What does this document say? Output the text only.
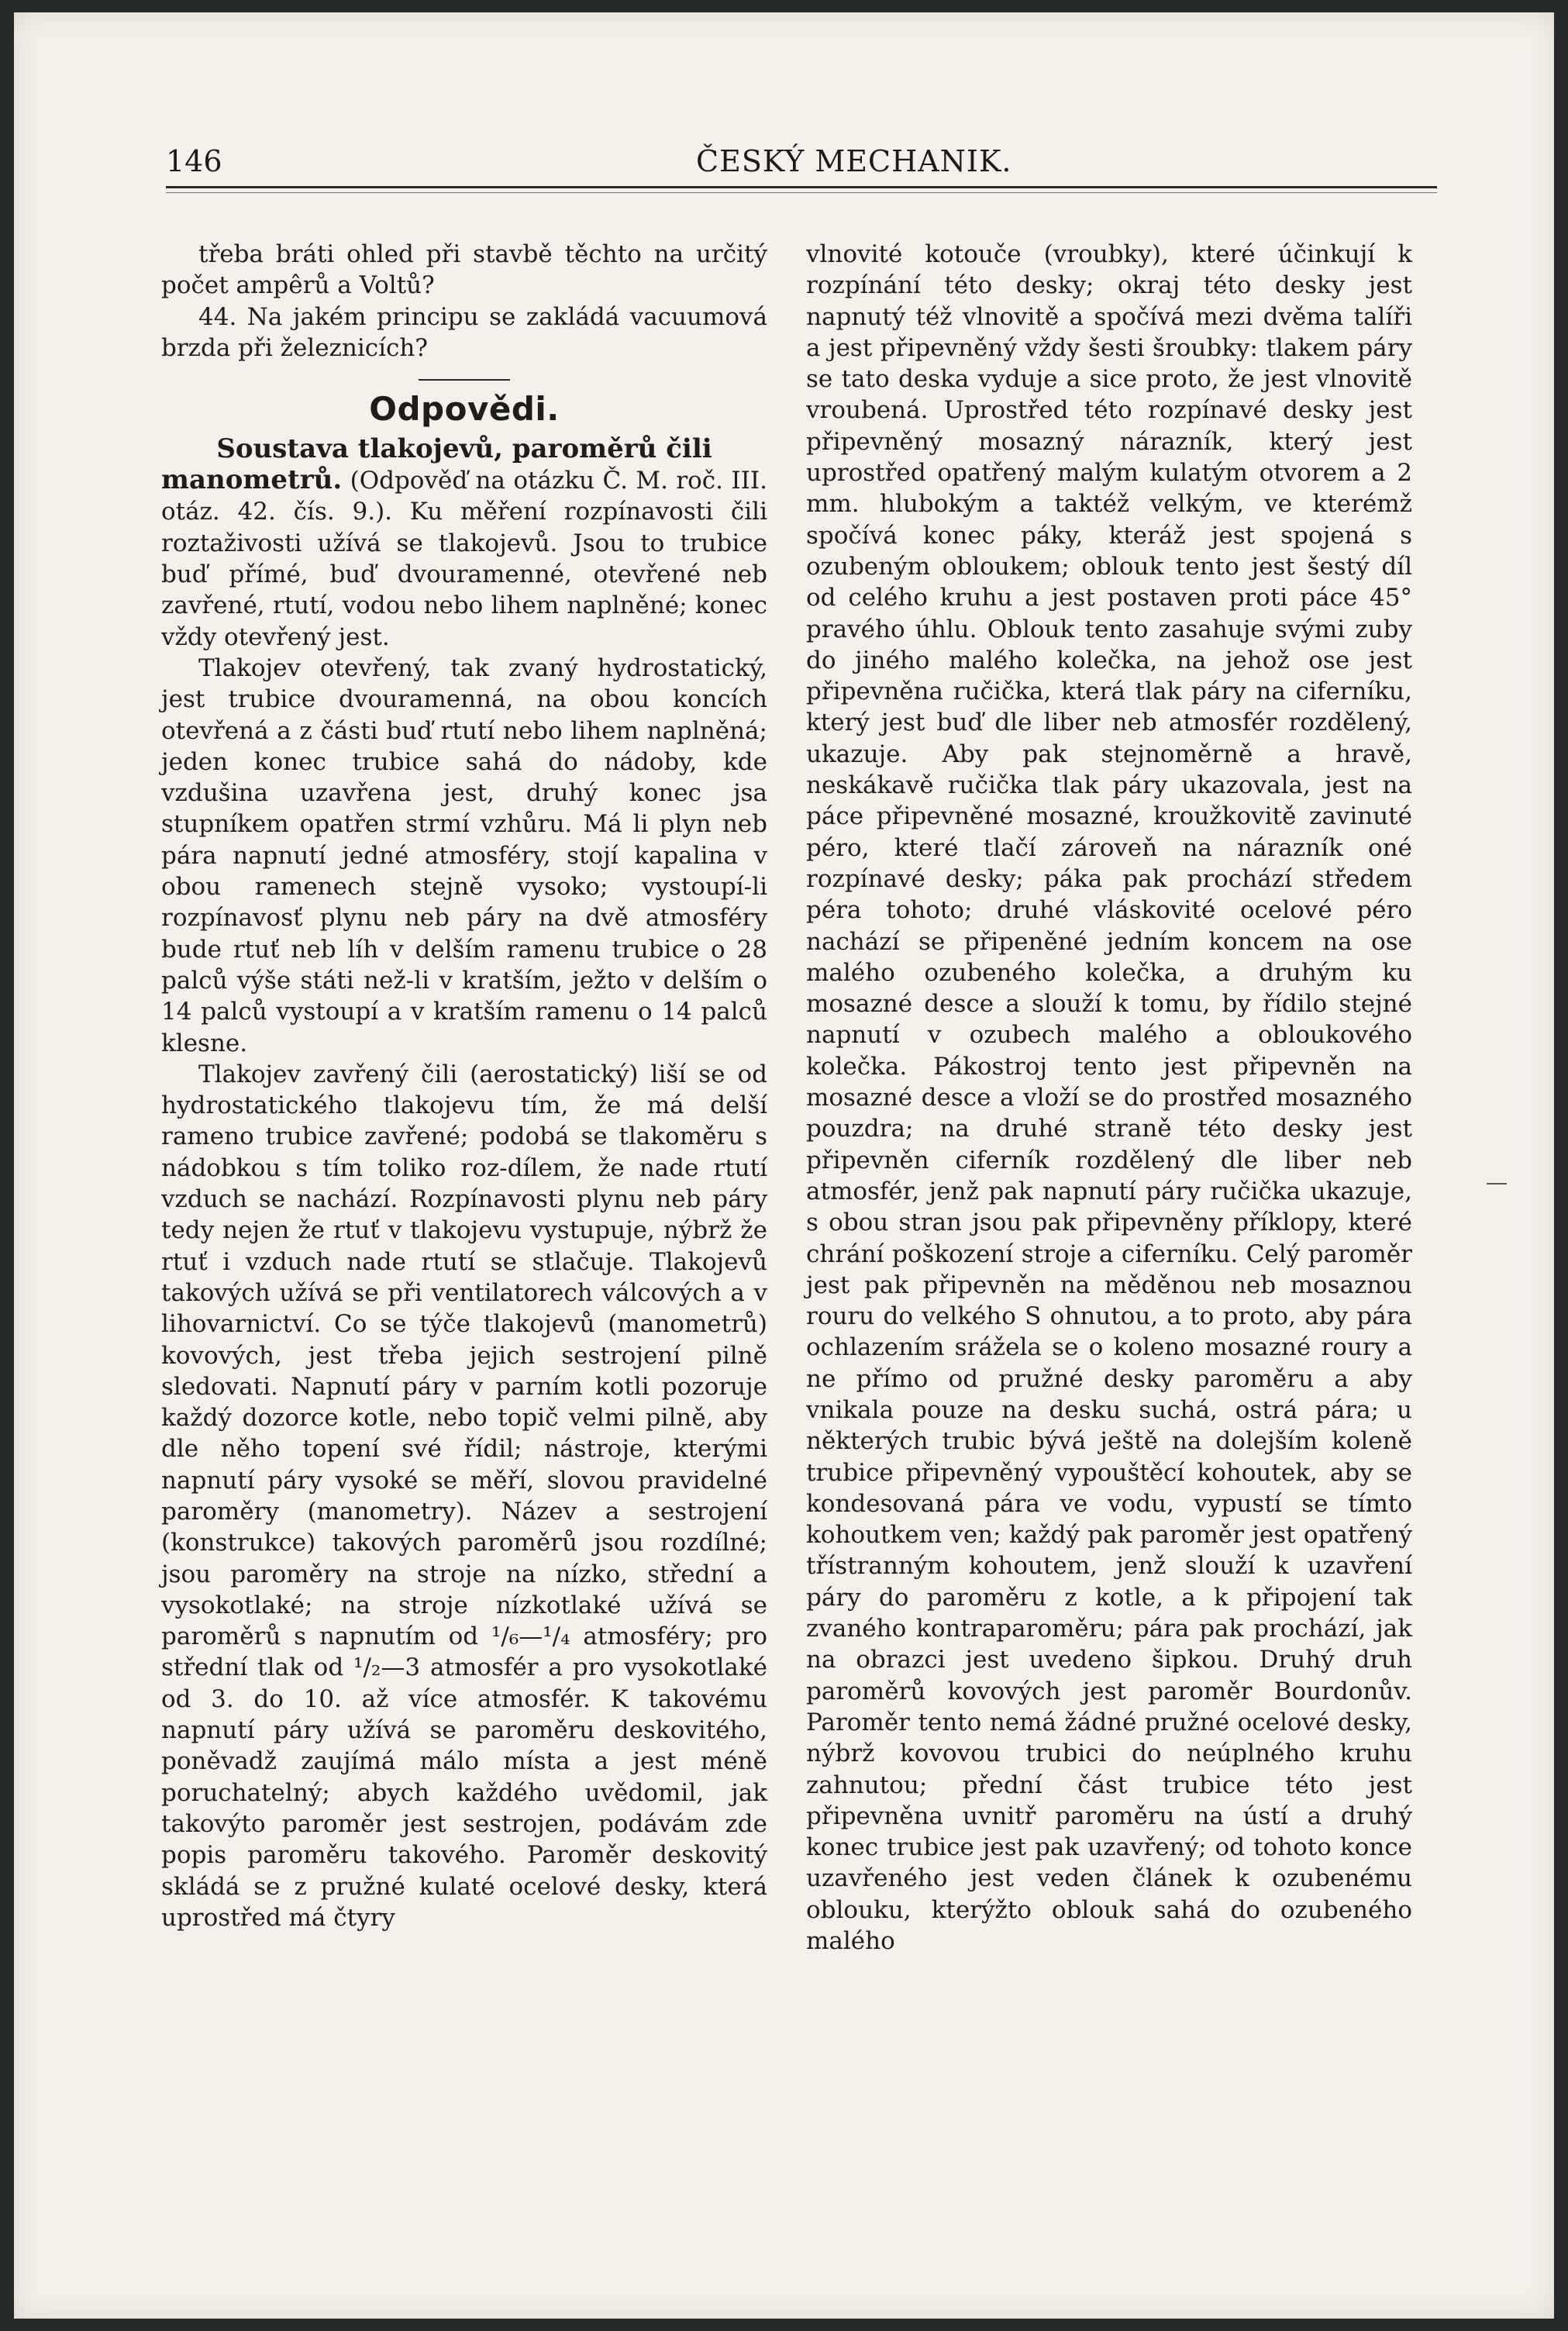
146	ČESKÝ MECHANIK.

třeba bráti ohled při stavbě těchto na určitý počet ampêrů a Voltů?

44. Na jakém principu se zakládá vacuumová brzda při železnicích?

Odpovědi.
Soustava tlakojevů, paroměrů čili

manometrů. (Odpověď na otázku Č. M. roč. III. otáz. 42. čís. 9.). Ku měření rozpínavosti čili roztaživosti užívá se tlakojevů. Jsou to trubice buď přímé, buď dvouramenné, otevřené neb zavřené, rtutí, vodou nebo lihem naplněné; konec vždy otevřený jest.

Tlakojev otevřený, tak zvaný hydrostatický, jest trubice dvouramenná, na obou koncích otevřená a z části buď rtutí nebo lihem naplněná; jeden konec trubice sahá do nádoby, kde vzdušina uzavřena jest, druhý konec jsa stupníkem opatřen strmí vzhůru. Má li plyn neb pára napnutí jedné atmosféry, stojí kapalina v obou ramenech stejně vysoko; vystoupí-li rozpínavosť plynu neb páry na dvě atmosféry bude rtuť neb líh v delším ramenu trubice o 28 palců výše státi než-li v kratším, ježto v delším o 14 palců vystoupí a v kratším ramenu o 14 palců klesne.

Tlakojev zavřený čili (aerostatický) liší se od hydrostatického tlakojevu tím, že má delší rameno trubice zavřené; podobá se tlakoměru s nádobkou s tím toliko roz-dílem, že nade rtutí vzduch se nachází. Rozpínavosti plynu neb páry tedy nejen že rtuť v tlakojevu vystupuje, nýbrž že rtuť i vzduch nade rtutí se stlačuje. Tlakojevů takových užívá se při ventilatorech válcových a v lihovarnictví. Co se týče tlakojevů (manometrů) kovových, jest třeba jejich sestrojení pilně sledovati. Napnutí páry v parním kotli pozoruje každý dozorce kotle, nebo topič velmi pilně, aby dle něho topení své řídil; nástroje, kterými napnutí páry vysoké se měří, slovou pravidelné paroměry (manometry). Název a sestrojení (konstrukce) takových paroměrů jsou rozdílné; jsou paroměry na stroje na nízko, střední a vysokotlaké; na stroje nízkotlaké užívá se paroměrů s napnutím od ¹/₆—¹/₄ atmosféry; pro střední tlak od ¹/₂—3 atmosfér a pro vysokotlaké od 3. do 10. až více atmosfér. K takovému napnutí páry užívá se paroměru deskovitého, poněvadž zaujímá málo místa a jest méně poruchatelný; abych každého uvědomil, jak takovýto paroměr jest sestrojen, podávám zde popis paroměru takového. Paroměr deskovitý skládá se z pružné kulaté ocelové desky, která uprostřed má čtyry

vlnovité kotouče (vroubky), které účinkují k rozpínání této desky; okraj této desky jest napnutý též vlnovitě a spočívá mezi dvěma talíři a jest připevněný vždy šesti šroubky: tlakem páry se tato deska vyduje a sice proto, že jest vlnovitě vroubená. Uprostřed této rozpínavé desky jest připevněný mosazný nárazník, který jest uprostřed opatřený malým kulatým otvorem a 2 mm. hlubokým a taktéž velkým, ve kterémž spočívá konec páky, kteráž jest spojená s ozubeným obloukem; oblouk tento jest šestý díl od celého kruhu a jest postaven proti páce 45° pravého úhlu. Oblouk tento zasahuje svými zuby do jiného malého kolečka, na jehož ose jest připevněna ručička, která tlak páry na ciferníku, který jest buď dle liber neb atmosfér rozdělený, ukazuje. Aby pak stejnoměrně a hravě, neskákavě ručička tlak páry ukazovala, jest na páce připevněné mosazné, kroužkovitě zavinuté péro, které tlačí zároveň na nárazník oné rozpínavé desky; páka pak prochází středem péra tohoto; druhé vláskovité ocelové péro nachází se připeněné jedním koncem na ose malého ozubeného kolečka, a druhým ku mosazné desce a slouží k tomu, by řídilo stejné napnutí v ozubech malého a obloukového kolečka. Pákostroj tento jest připevněn na mosazné desce a vloží se do prostřed mosazného pouzdra; na druhé straně této desky jest připevněn ciferník rozdělený dle liber neb atmosfér, jenž pak napnutí páry ručička ukazuje, s obou stran jsou pak připevněny příklopy, které chrání poškození stroje a ciferníku. Celý paroměr jest pak připevněn na měděnou neb mosaznou rouru do velkého S ohnutou, a to proto, aby pára ochlazením srážela se o koleno mosazné roury a ne přímo od pružné desky paroměru a aby vnikala pouze na desku suchá, ostrá pára; u některých trubic bývá ještě na dolejším koleně trubice připevněný vypouštěcí kohoutek, aby se kondesovaná pára ve vodu, vypustí se tímto kohoutkem ven; každý pak paroměr jest opatřený třístranným kohoutem, jenž slouží k uzavření páry do paroměru z kotle, a k připojení tak zvaného kontraparoměru; pára pak prochází, jak na obrazci jest uvedeno šipkou. Druhý druh paroměrů kovových jest paroměr Bourdonův. Paroměr tento nemá žádné pružné ocelové desky, nýbrž kovovou trubici do neúplného kruhu zahnutou; přední část trubice této jest připevněna uvnitř paroměru na ústí a druhý konec trubice jest pak uzavřený; od tohoto konce uzavřeného jest veden článek k ozubenému oblouku, kterýžto oblouk sahá do ozubeného malého
